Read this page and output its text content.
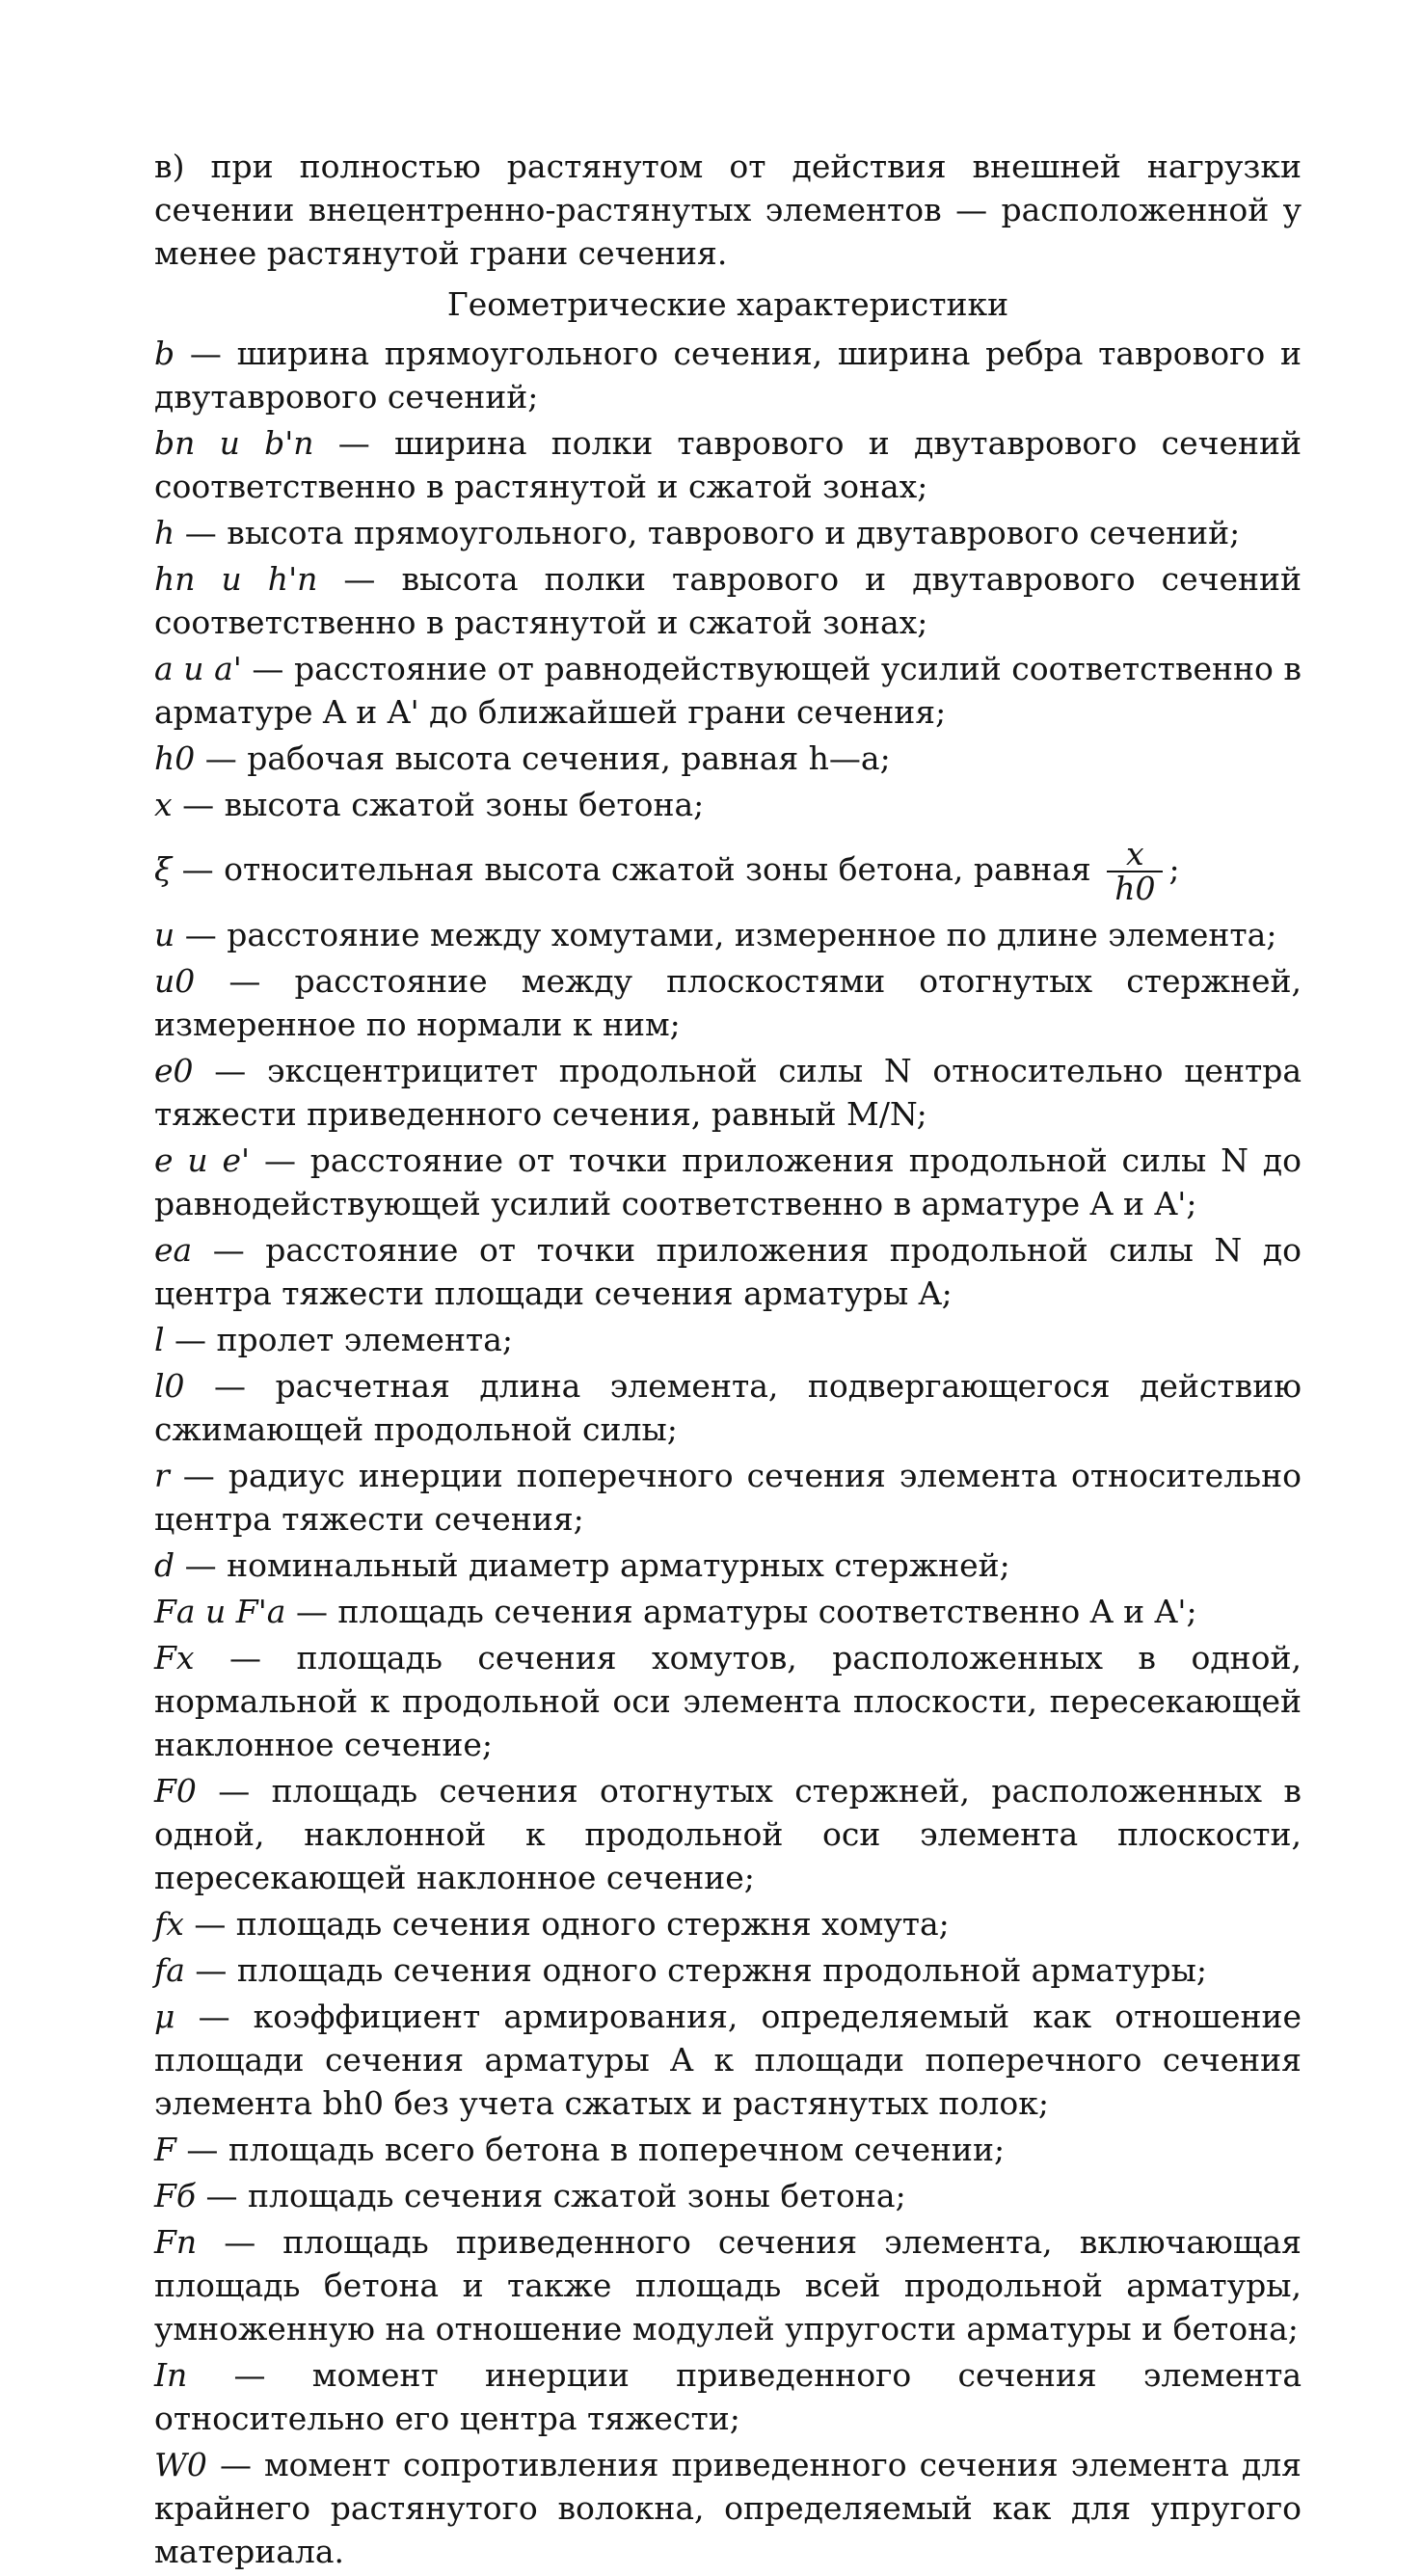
в) при полностью растянутом от действия внешней нагрузки сечении внецентренно-растянутых элементов — расположенной у менее растянутой грани сечения.

Геометрические характеристики

b — ширина прямоугольного сечения, ширина ребра таврового и двутаврового сечений;

bп и b'п — ширина полки таврового и двутаврового сечений соответственно в растянутой и сжатой зонах;

h — высота прямоугольного, таврового и двутаврового сечений;

hп и h'п — высота полки таврового и двутаврового сечений соответственно в растянутой и сжатой зонах;

a и a' — расстояние от равнодействующей усилий соответственно в арматуре A и A' до ближайшей грани сечения;

h0 — рабочая высота сечения, равная h—a;

x — высота сжатой зоны бетона;

ξ — относительная высота сжатой зоны бетона, равная $\frac{x}{h0}$ ;

u — расстояние между хомутами, измеренное по длине элемента;

u0 — расстояние между плоскостями отогнутых стержней, измеренное по нормали к ним;

e0 — эксцентрицитет продольной силы N относительно центра тяжести приведенного сечения, равный M/N;

e и e' — расстояние от точки приложения продольной силы N до равнодействующей усилий соответственно в арматуре A и A';

eа — расстояние от точки приложения продольной силы N до центра тяжести площади сечения арматуры A;

l — пролет элемента;

l0 — расчетная длина элемента, подвергающегося действию сжимающей продольной силы;

r — радиус инерции поперечного сечения элемента относительно центра тяжести сечения;

d — номинальный диаметр арматурных стержней;

Fа и F'а — площадь сечения арматуры соответственно A и A';

Fх — площадь сечения хомутов, расположенных в одной, нормальной к продольной оси элемента плоскости, пересекающей наклонное сечение;

F0 — площадь сечения отогнутых стержней, расположенных в одной, наклонной к продольной оси элемента плоскости, пересекающей наклонное сечение;

fх — площадь сечения одного стержня хомута;

fа — площадь сечения одного стержня продольной арматуры;

μ — коэффициент армирования, определяемый как отношение площади сечения арматуры A к площади поперечного сечения элемента bh0 без учета сжатых и растянутых полок;

F — площадь всего бетона в поперечном сечении;

Fб — площадь сечения сжатой зоны бетона;

Fп — площадь приведенного сечения элемента, включающая площадь бетона и также площадь всей продольной арматуры, умноженную на отношение модулей упругости арматуры и бетона;

Iп — момент инерции приведенного сечения элемента относительно его центра тяжести;

W0 — момент сопротивления приведенного сечения элемента для крайнего растянутого волокна, определяемый как для упругого материала.
